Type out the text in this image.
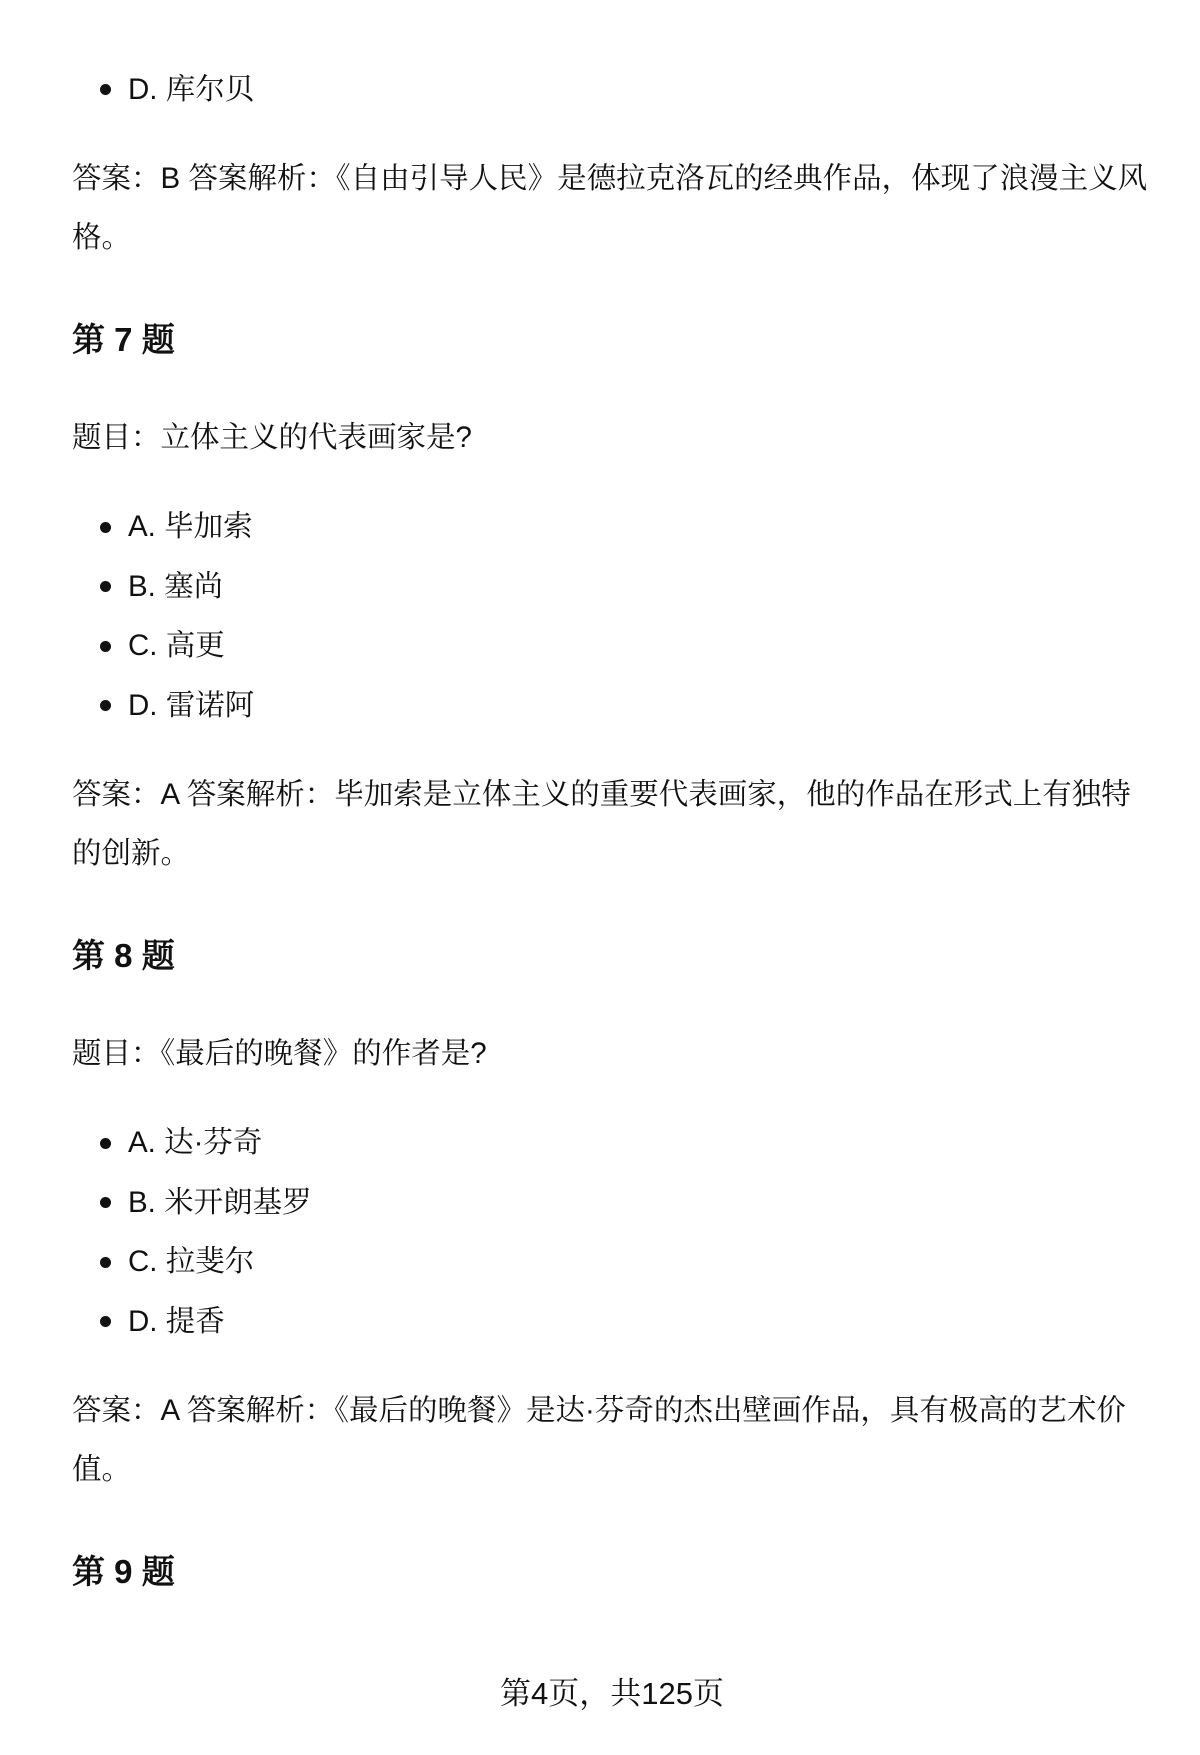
D. 库尔贝

答案：B 答案解析：《自由引导人民》是德拉克洛瓦的经典作品，体现了浪漫主义风格。

第 7 题

题目：立体主义的代表画家是?

A. 毕加索
B. 塞尚
C. 高更
D. 雷诺阿

答案：A 答案解析：毕加索是立体主义的重要代表画家，他的作品在形式上有独特的创新。

第 8 题

题目：《最后的晚餐》的作者是?

A. 达·芬奇
B. 米开朗基罗
C. 拉斐尔
D. 提香

答案：A 答案解析：《最后的晚餐》是达·芬奇的杰出壁画作品，具有极高的艺术价值。

第 9 题
第4页，共125页
